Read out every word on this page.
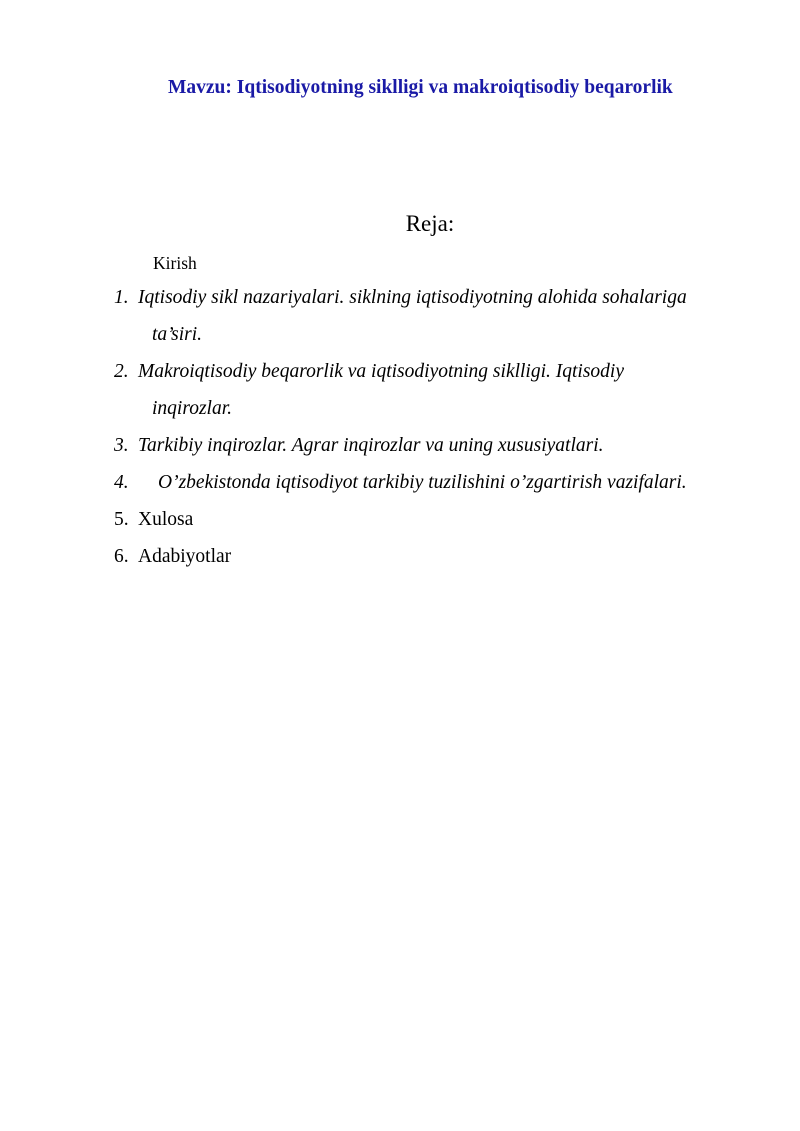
Mavzu: Iqtisodiyotning siklligi va makroiqtisodiy beqarorlik
Reja:
Kirish
1. Iqtisodiy sikl nazariyalari. siklning iqtisodiyotning alohida sohalariga
ta’siri.
2. Makroiqtisodiy beqarorlik va iqtisodiyotning siklligi. Iqtisodiy
inqirozlar.
3. Tarkibiy inqirozlar. Agrar inqirozlar va uning xususiyatlari.
4. O’zbekistonda iqtisodiyot tarkibiy tuzilishini o’zgartirish vazifalari.
5. Xulosa
6. Adabiyotlar
